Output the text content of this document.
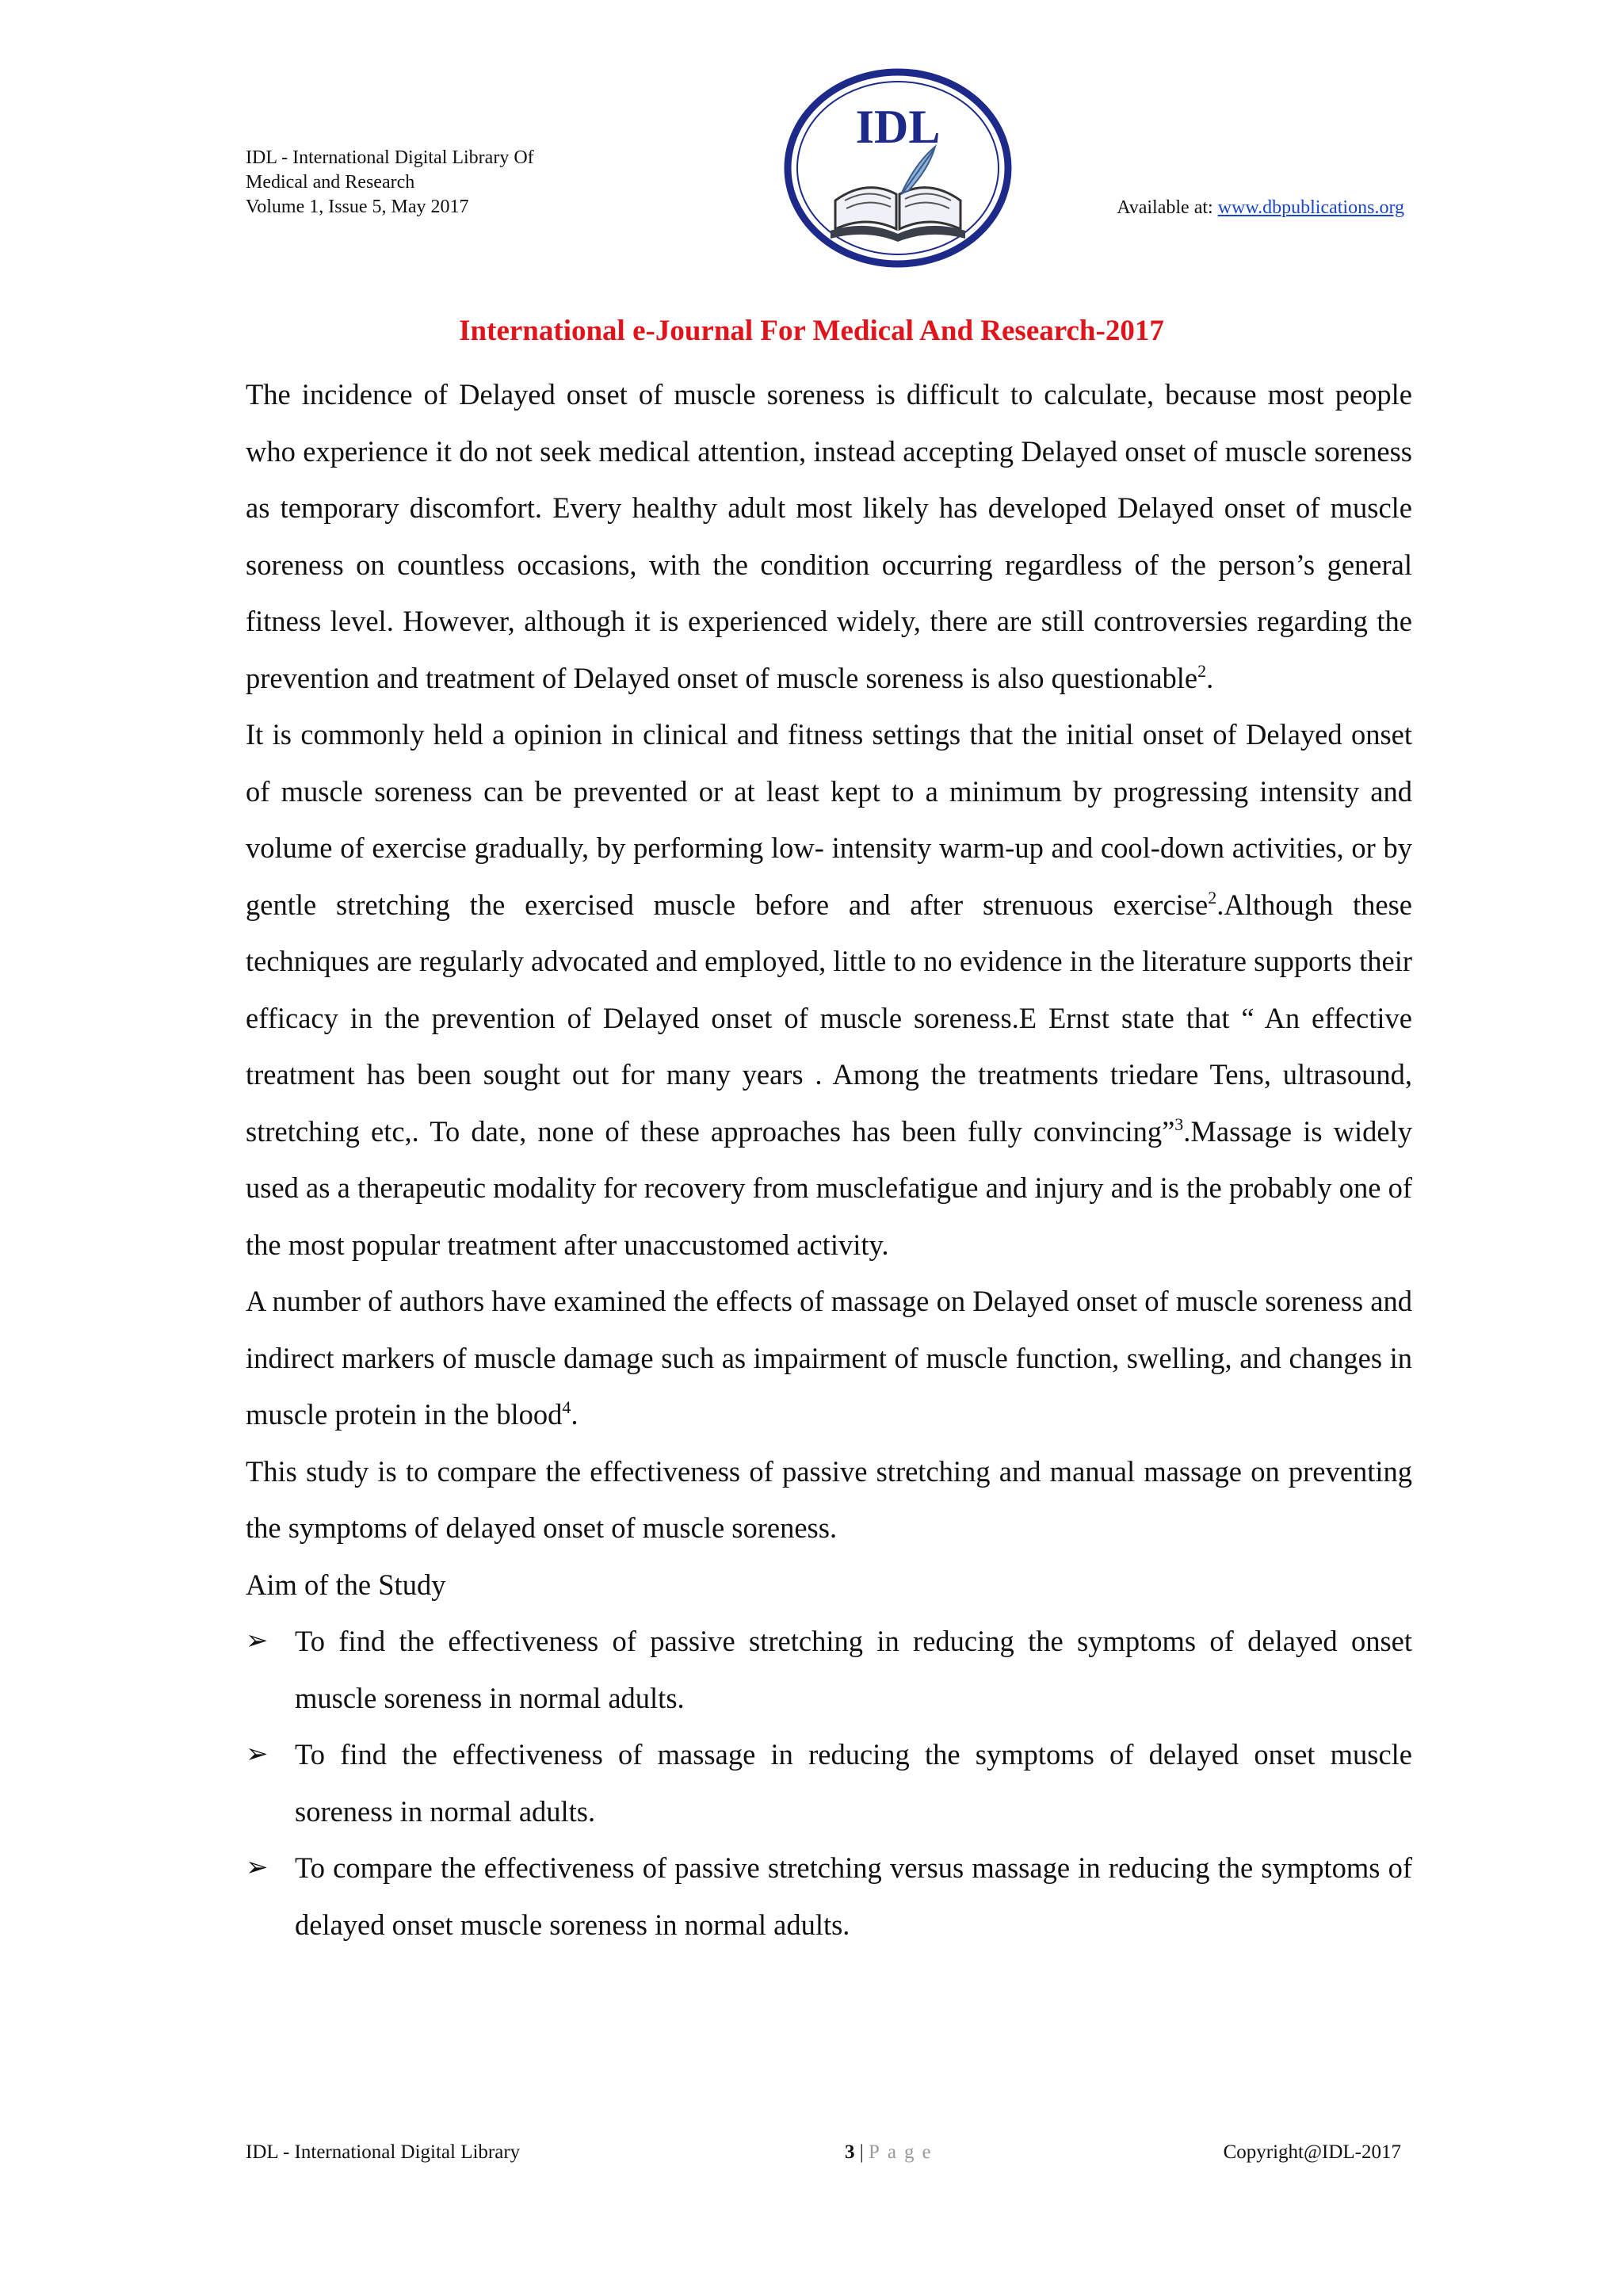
IDL - International Digital Library Of
Medical and Research
Volume 1, Issue 5, May 2017
IDL
Available at: www.dbpublications.org
International e-Journal For Medical And Research-2017

The incidence of Delayed onset of muscle soreness is difficult to calculate, because most people who experience it do not seek medical attention, instead accepting Delayed onset of muscle soreness as temporary discomfort. Every healthy adult most likely has developed Delayed onset of muscle soreness on countless occasions, with the condition occurring regardless of the person’s general fitness level. However, although it is experienced widely, there are still controversies regarding the prevention and treatment of Delayed onset of muscle soreness is also questionable$^2$.

It is commonly held a opinion in clinical and fitness settings that the initial onset of Delayed onset of muscle soreness can be prevented or at least kept to a minimum by progressing intensity and volume of exercise gradually, by performing low- intensity warm-up and cool-down activities, or by gentle stretching the exercised muscle before and after strenuous exercise$^2$.Although these techniques are regularly advocated and employed, little to no evidence in the literature supports their efficacy in the prevention of Delayed onset of muscle soreness.E Ernst state that “ An effective treatment has been sought out for many years . Among the treatments triedare Tens, ultrasound, stretching etc,. To date, none of these approaches has been fully convincing”$^3$.Massage is widely used as a therapeutic modality for recovery from musclefatigue and injury and is the probably one of the most popular treatment after unaccustomed activity.

A number of authors have examined the effects of massage on Delayed onset of muscle soreness and indirect markers of muscle damage such as impairment of muscle function, swelling, and changes in muscle protein in the blood$^4$.

This study is to compare the effectiveness of passive stretching and manual massage on preventing the symptoms of delayed onset of muscle soreness.

Aim of the Study

➢ To find the effectiveness of passive stretching in reducing the symptoms of delayed onset muscle soreness in normal adults.
➢ To find the effectiveness of massage in reducing the symptoms of delayed onset muscle soreness in normal adults.
➢ To compare the effectiveness of passive stretching versus massage in reducing the symptoms of delayed onset muscle soreness in normal adults.
IDL - International Digital Library	3 | Page	Copyright@IDL-2017
